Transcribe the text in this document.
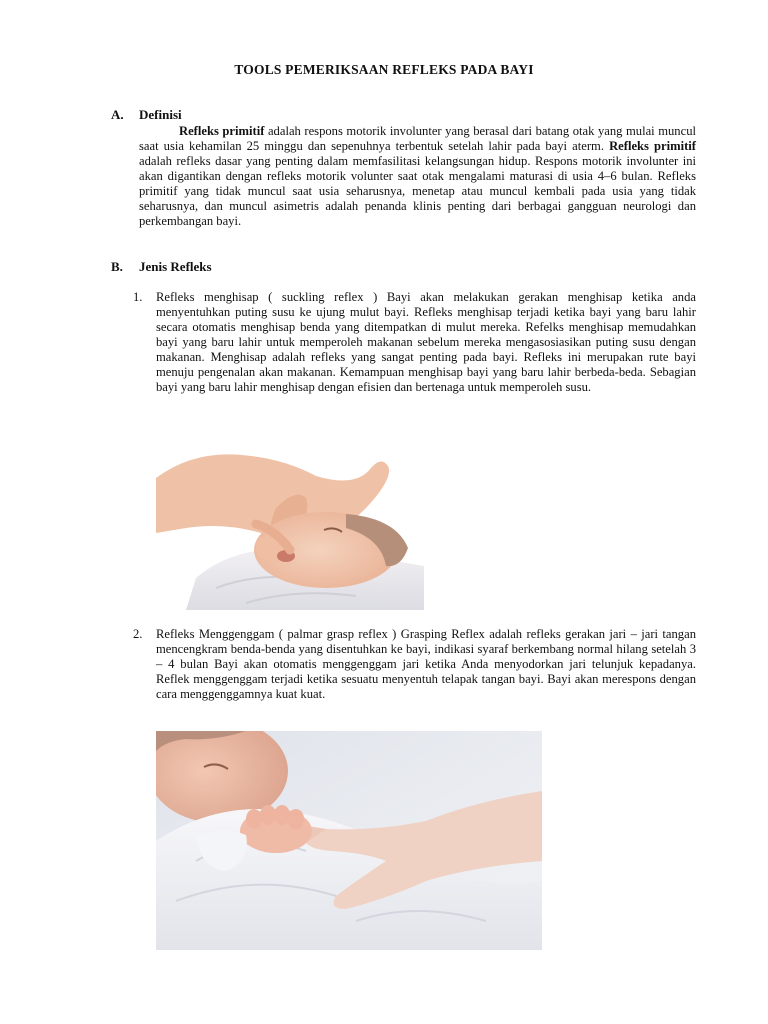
TOOLS PEMERIKSAAN REFLEKS PADA BAYI
A. Definisi
Refleks primitif adalah respons motorik involunter yang berasal dari batang otak yang mulai muncul saat usia kehamilan 25 minggu dan sepenuhnya terbentuk setelah lahir pada bayi aterm. Refleks primitif adalah refleks dasar yang penting dalam memfasilitasi kelangsungan hidup. Respons motorik involunter ini akan digantikan dengan refleks motorik volunter saat otak mengalami maturasi di usia 4–6 bulan. Refleks primitif yang tidak muncul saat usia seharusnya, menetap atau muncul kembali pada usia yang tidak seharusnya, dan muncul asimetris adalah penanda klinis penting dari berbagai gangguan neurologi dan perkembangan bayi.
B. Jenis Refleks
1. Refleks menghisap ( suckling reflex ) Bayi akan melakukan gerakan menghisap ketika anda menyentuhkan puting susu ke ujung mulut bayi. Refleks menghisap terjadi ketika bayi yang baru lahir secara otomatis menghisap benda yang ditempatkan di mulut mereka. Refelks menghisap memudahkan bayi yang baru lahir untuk memperoleh makanan sebelum mereka mengasosiasikan puting susu dengan makanan. Menghisap adalah refleks yang sangat penting pada bayi. Refleks ini merupakan rute bayi menuju pengenalan akan makanan. Kemampuan menghisap bayi yang baru lahir berbeda-beda. Sebagian bayi yang baru lahir menghisap dengan efisien dan bertenaga untuk memperoleh susu.
2. Refleks Menggenggam ( palmar grasp reflex ) Grasping Reflex adalah refleks gerakan jari – jari tangan mencengkram benda-benda yang disentuhkan ke bayi, indikasi syaraf berkembang normal hilang setelah 3 – 4 bulan Bayi akan otomatis menggenggam jari ketika Anda menyodorkan jari telunjuk kepadanya. Reflek menggenggam terjadi ketika sesuatu menyentuh telapak tangan bayi. Bayi akan merespons dengan cara menggenggamnya kuat kuat.
